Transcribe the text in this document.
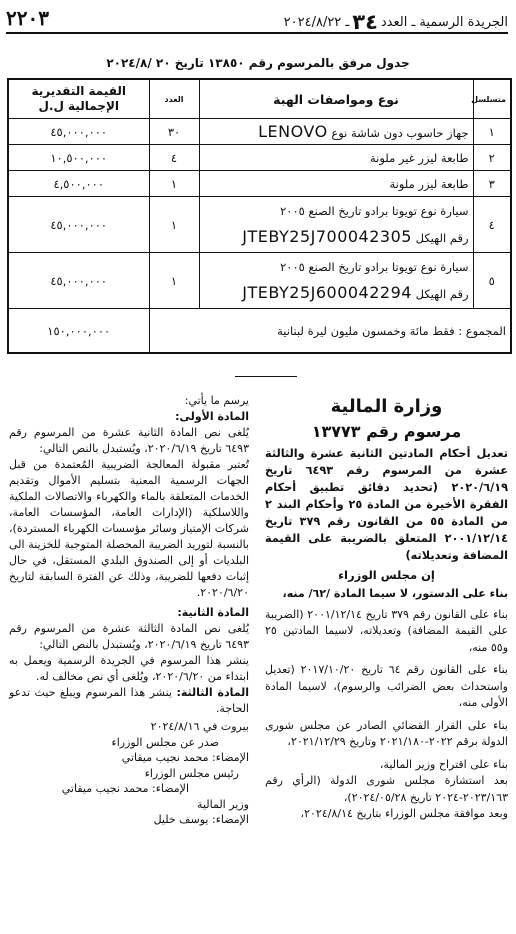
الجريدة الرسمية ـ العدد٣٤ـ ٢٠٢٤/٨/٢٢
٢٢٠٣
جدول مرفق بالمرسوم رقم ١٣٨٥٠ تاريخ ٢٠ /٢٠٢٤/٨
متسلسل	نوع ومواصفات الهبة	العدد	القيمة التقديرية الإجمالية ل.ل
١	جهاز حاسوب دون شاشة نوع LENOVO	٣٠	٤٥,٠٠٠,٠٠٠
٢	طابعة ليزر غير ملونة	٤	١٠,٥٠٠,٠٠٠
٣	طابعة ليزر ملونة	١	٤,٥٠٠,٠٠٠
٤	سيارة نوع تويوتا برادو تاريخ الصنع ٢٠٠٥
رقم الهيكل JTEBY25J700042305	١	٤٥,٠٠٠,٠٠٠
٥	سيارة نوع تويوتا برادو تاريخ الصنع ٢٠٠٥
رقم الهيكل JTEBY25J600042294	١	٤٥,٠٠٠,٠٠٠
المجموع : فقط مائة وخمسون مليون ليرة لبنانية			١٥٠,٠٠٠,٠٠٠
وزارة المالية
مرسوم رقم ١٣٧٧٣

تعديل أحكام المادتين الثانية عشرة والثالثة عشرة من المرسوم رقم ٦٤٩٣ تاريخ ٢٠٢٠/٦/١٩ (تحديد دقائق تطبيق أحكام الفقرة الأخيرة من المادة ٢٥ وأحكام البند ٢ من المادة ٥٥ من القانون رقم ٣٧٩ تاريخ ٢٠٠١/١٢/١٤ المتعلق بالضريبة على القيمة المضافة وتعديلاته)

إن مجلس الوزراء

بناء على الدستور، لا سيما المادة /٦٢/ منه،

بناء على القانون رقم ٣٧٩ تاريخ ٢٠٠١/١٢/١٤ (الضريبة على القيمة المضافة) وتعديلاته، لاسيما المادتين ٢٥ و٥٥ منه،

بناء على القانون رقم ٦٤ تاريخ ٢٠١٧/١٠/٢٠ (تعديل واستحداث بعض الضرائب والرسوم)، لاسيما المادة الأولى منه،

بناء على القرار القضائي الصادر عن مجلس شورى الدولة برقم ٢٠٢٢-٢٠٢١/١٨٠ وتاريخ ٢٠٢١/١٢/٢٩،

بناء على اقتراح وزير المالية،

بعد استشارة مجلس شورى الدولة (الرأي رقم ٢٠٢٣/١٦٣-٢٠٢٤ تاريخ ٢٠٢٤/٠٥/٢٨)،

وبعد موافقة مجلس الوزراء بتاريخ ٢٠٢٤/٨/١٤،

يرسم ما يأتي:

المادة الأولى:

يُلغى نص المادة الثانية عشرة من المرسوم رقم ٦٤٩٣ تاريخ ٢٠٢٠/٦/١٩، ويُستبدل بالنص التالي:

تُعتبر مقبولة المعالجة الضريبية المُعتمدة من قبل الجهات الرسمية المعنية بتسليم الأموال وتقديم الخدمات المتعلقة بالماء والكهرباء والاتصالات الملكية واللاسلكية (الإدارات العامة، المؤسسات العامة، شركات الإمتياز وسائر مؤسسات الكهرباء المستردة)، بالنسبة لتوريد الضريبة المحصلة المتوجبة للخزينة الى البلديات أو إلى الصندوق البلدي المستقل، في حال إثبات دفعها للضريبة، وذلك عن الفترة السابقة لتاريخ ٢٠٢٠/٦/٢٠.

المادة الثانية:

يُلغى نص المادة الثالثة عشرة من المرسوم رقم ٦٤٩٣ تاريخ ٢٠٢٠/٦/١٩، ويُستبدل بالنص التالي:

ينشر هذا المرسوم في الجريدة الرسمية ويعمل به ابتداء من ٢٠٢٠/٦/٢٠، ويُلغى أي نص مخالف له.

المادة الثالثة: ينشر هذا المرسوم ويبلغ حيث تدعو الحاجة.

بيروت في ٢٠٢٤/٨/١٦

صدر عن مجلس الوزراء

الإمضاء: محمد نجيب ميقاتي

رئيس مجلس الوزراء

الإمضاء: محمد نجيب ميقاتي

وزير المالية

الإمضاء: يوسف خليل
